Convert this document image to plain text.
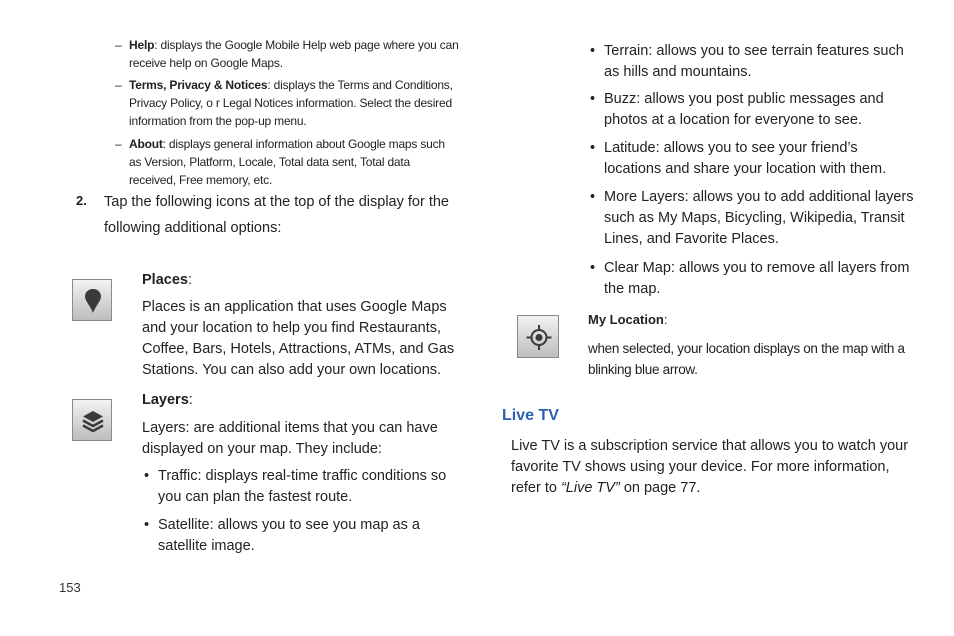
– Help: displays the Google Mobile Help web page where you can receive help on Google Maps.
– Terms, Privacy & Notices: displays the Terms and Conditions, Privacy Policy, o r Legal Notices information. Select the desired information from the pop-up menu.
– About: displays general information about Google maps such as Version, Platform, Locale, Total data sent, Total data received, Free memory, etc.
2. Tap the following icons at the top of the display for the
following additional options:
Places:
Places is an application that uses Google Maps and your location to help you find Restaurants, Coffee, Bars, Hotels, Attractions, ATMs, and Gas Stations. You can also add your own locations.
Layers:
Layers: are additional items that you can have displayed on your map. They include:
• Traffic: displays real-time traffic conditions so you can plan the fastest route.
• Satellite: allows you to see you map as a satellite image.
• Terrain: allows you to see terrain features such as hills and mountains.
• Buzz: allows you post public messages and photos at a location for everyone to see.
• Latitude: allows you to see your friend’s locations and share your location with them.
• More Layers: allows you to add additional layers such as My Maps, Bicycling, Wikipedia, Transit Lines, and Favorite Places.
• Clear Map: allows you to remove all layers from the map.
My Location:
when selected, your location displays on the map with a blinking blue arrow.
Live TV
Live TV is a subscription service that allows you to watch your favorite TV shows using your device. For more information, refer to “Live TV” on page 77.
153
